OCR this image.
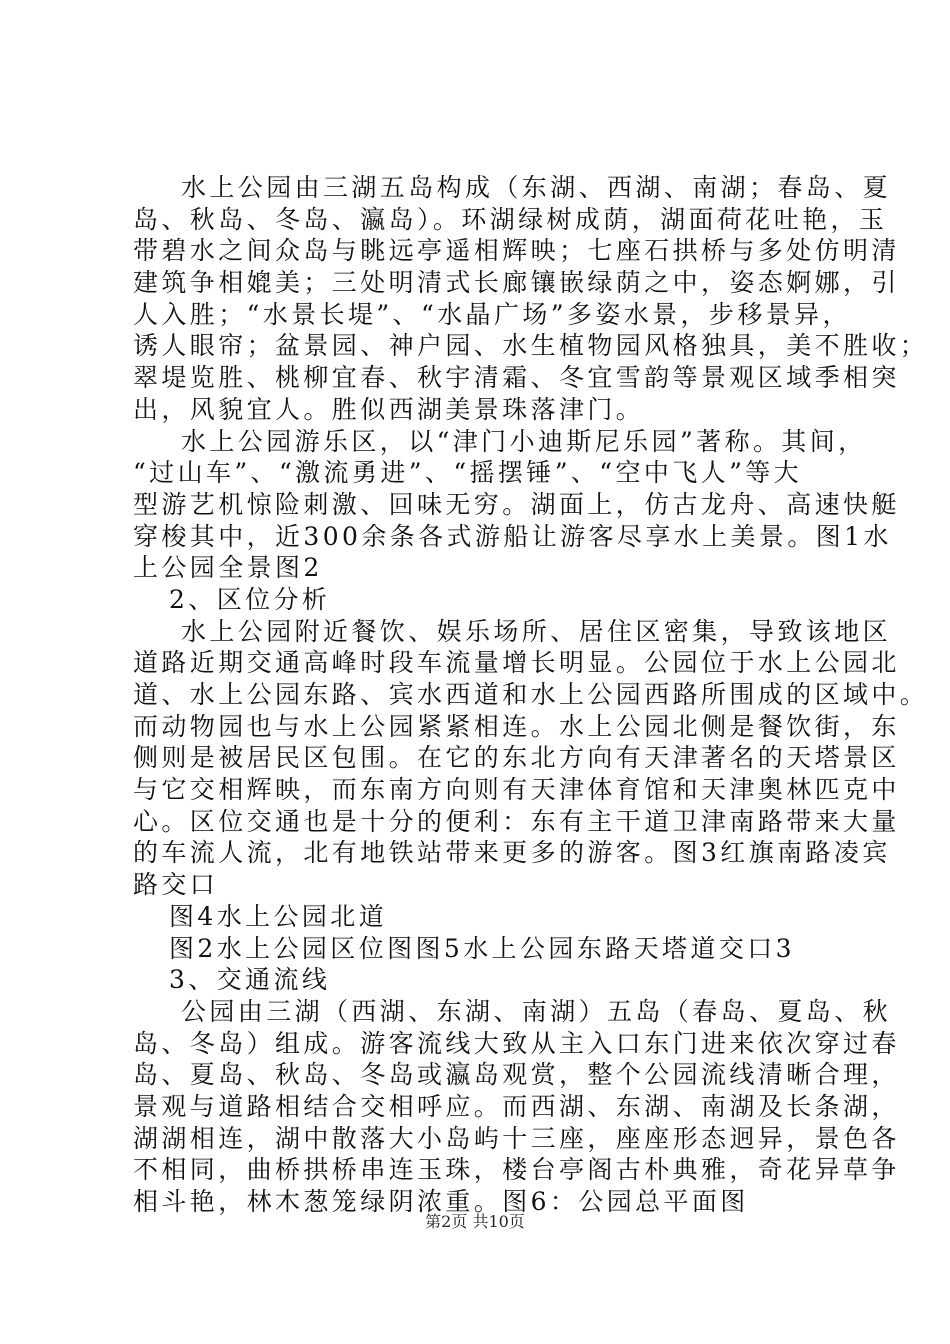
水上公园由三湖五岛构成（东湖、西湖、南湖；春岛、夏
岛、秋岛、冬岛、瀛岛）。环湖绿树成荫，湖面荷花吐艳，玉
带碧水之间众岛与眺远亭遥相辉映；七座石拱桥与多处仿明清
建筑争相媲美；三处明清式长廊镶嵌绿荫之中，姿态婀娜，引
人入胜；“水景长堤”、“水晶广场”多姿水景，步移景异，
诱人眼帘；盆景园、神户园、水生植物园风格独具，美不胜收；
翠堤览胜、桃柳宜春、秋宇清霜、冬宜雪韵等景观区域季相突
出，风貌宜人。胜似西湖美景珠落津门。
水上公园游乐区，以“津门小迪斯尼乐园”著称。其间，
“过山车”、“激流勇进”、“摇摆锤”、“空中飞人”等大
型游艺机惊险刺激、回味无穷。湖面上，仿古龙舟、高速快艇
穿梭其中，近300余条各式游船让游客尽享水上美景。图1水
上公园全景图2
2、区位分析
水上公园附近餐饮、娱乐场所、居住区密集，导致该地区
道路近期交通高峰时段车流量增长明显。公园位于水上公园北
道、水上公园东路、宾水西道和水上公园西路所围成的区域中。
而动物园也与水上公园紧紧相连。水上公园北侧是餐饮街，东
侧则是被居民区包围。在它的东北方向有天津著名的天塔景区
与它交相辉映，而东南方向则有天津体育馆和天津奥林匹克中
心。区位交通也是十分的便利：东有主干道卫津南路带来大量
的车流人流，北有地铁站带来更多的游客。图3红旗南路凌宾
路交口
图4水上公园北道
图2水上公园区位图图5水上公园东路天塔道交口3
3、交通流线
公园由三湖（西湖、东湖、南湖）五岛（春岛、夏岛、秋
岛、冬岛）组成。游客流线大致从主入口东门进来依次穿过春
岛、夏岛、秋岛、冬岛或瀛岛观赏，整个公园流线清晰合理，
景观与道路相结合交相呼应。而西湖、东湖、南湖及长条湖，
湖湖相连，湖中散落大小岛屿十三座，座座形态迥异，景色各
不相同，曲桥拱桥串连玉珠，楼台亭阁古朴典雅，奇花异草争
相斗艳，林木葱笼绿阴浓重。图6：公园总平面图
第2页 共10页
